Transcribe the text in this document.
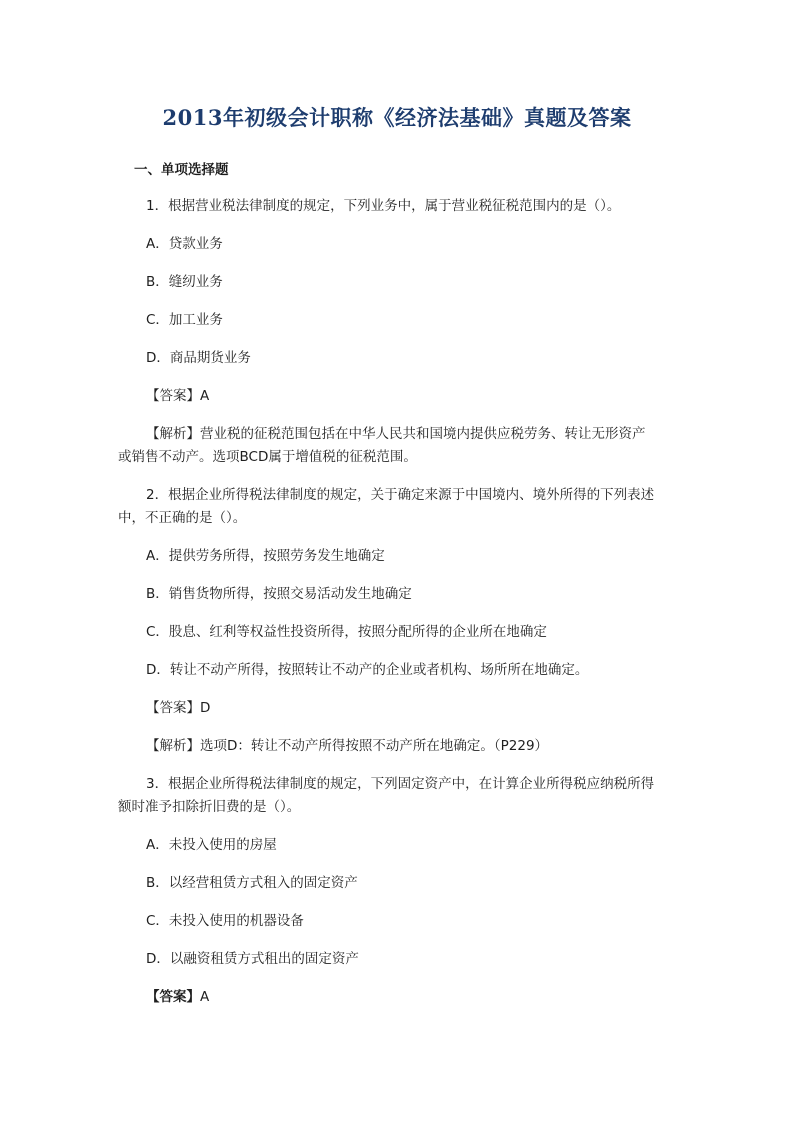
2013年初级会计职称《经济法基础》真题及答案
一、单项选择题
1．根据营业税法律制度的规定，下列业务中，属于营业税征税范围内的是（）。
A．贷款业务
B．缝纫业务
C．加工业务
D．商品期货业务
【答案】A
【解析】营业税的征税范围包括在中华人民共和国境内提供应税劳务、转让无形资产
或销售不动产。选项BCD属于增值税的征税范围。
2．根据企业所得税法律制度的规定，关于确定来源于中国境内、境外所得的下列表述
中，不正确的是（）。
A．提供劳务所得，按照劳务发生地确定
B．销售货物所得，按照交易活动发生地确定
C．股息、红利等权益性投资所得，按照分配所得的企业所在地确定
D．转让不动产所得，按照转让不动产的企业或者机构、场所所在地确定。
【答案】D
【解析】选项D：转让不动产所得按照不动产所在地确定。（P229）
3．根据企业所得税法律制度的规定，下列固定资产中，在计算企业所得税应纳税所得
额时准予扣除折旧费的是（）。
A．未投入使用的房屋
B．以经营租赁方式租入的固定资产
C．未投入使用的机器设备
D．以融资租赁方式租出的固定资产
【答案】A
